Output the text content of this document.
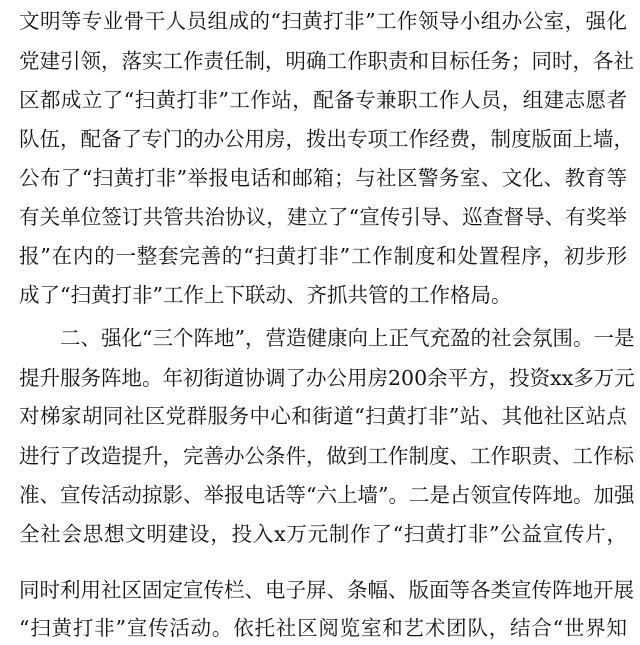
文明等专业骨干人员组成的“扫黄打非”工作领导小组办公室，强化
党建引领，落实工作责任制，明确工作职责和目标任务；同时，各社
区都成立了“扫黄打非”工作站，配备专兼职工作人员，组建志愿者
队伍，配备了专门的办公用房，拨出专项工作经费，制度版面上墙，
公布了“扫黄打非”举报电话和邮箱；与社区警务室、文化、教育等
有关单位签订共管共治协议，建立了“宣传引导、巡查督导、有奖举
报”在内的一整套完善的“扫黄打非”工作制度和处置程序，初步形
成了“扫黄打非”工作上下联动、齐抓共管的工作格局。
二、强化“三个阵地”，营造健康向上正气充盈的社会氛围。一是
提升服务阵地。年初街道协调了办公用房200余平方，投资xx多万元
对梯家胡同社区党群服务中心和街道“扫黄打非”站、其他社区站点
进行了改造提升，完善办公条件，做到工作制度、工作职责、工作标
准、宣传活动掠影、举报电话等“六上墙”。二是占领宣传阵地。加强
全社会思想文明建设，投入x万元制作了“扫黄打非”公益宣传片，
同时利用社区固定宣传栏、电子屏、条幅、版面等各类宣传阵地开展
“扫黄打非”宣传活动。依托社区阅览室和艺术团队，结合“世界知
